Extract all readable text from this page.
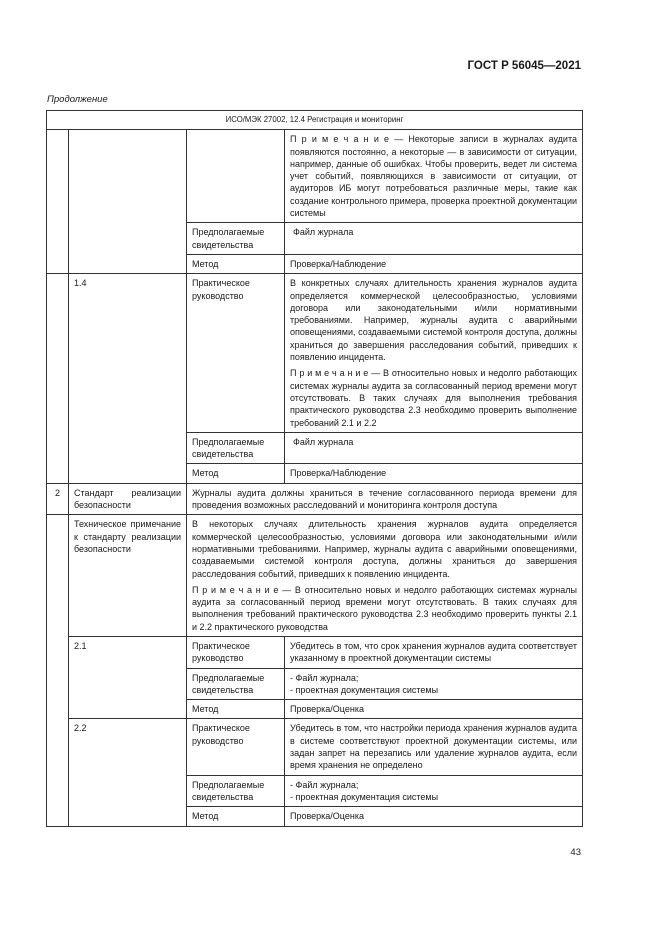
ГОСТ Р 56045—2021
Продолжение
ИСО/МЭК 27002, 12.4 Регистрация и мониторинг			
			П р и м е ч а н и е — Некоторые записи в журналах аудита появляются постоянно, а некоторые — в зависимости от ситуации, например, данные об ошибках. Чтобы проверить, ведет ли система учет событий, появляющихся в зависимости от ситуации, от аудиторов ИБ могут потребоваться различные меры, такие как создание контрольного примера, проверка проектной документации системы
		Предполагаемые свидетельства	Файл журнала
		Метод	Проверка/Наблюдение
	1.4	Практическое руководство	В конкретных случаях длительность хранения журналов аудита определяется коммерческой целесообразностью, условиями договора или законодательными и/или нормативными требованиями. Например, журналы аудита с аварийными оповещениями, создаваемыми системой контроля доступа, должны храниться до завершения расследования событий, приведших к появлению инцидента.

П р и м е ч а н и е — В относительно новых и недолго работающих системах журналы аудита за согласованный период времени могут отсутствовать. В таких случаях для выполнения требования практического руководства 2.3 необходимо проверить выполнение требований 2.1 и 2.2

		Предполагаемые свидетельства	Файл журнала
		Метод	Проверка/Наблюдение
2	Стандарт реализации безопасности	Журналы аудита должны храниться в течение согласованного периода времени для проведения возможных расследований и мониторинга контроля доступа	
	Техническое примечание к стандарту реализации безопасности	В некоторых случаях длительность хранения журналов аудита определяется коммерческой целесообразностью, условиями договора или законодательными и/или нормативными требованиями. Например, журналы аудита с аварийными оповещениями, создаваемыми системой контроля доступа, должны храниться до завершения расследования событий, приведших к появлению инцидента.

П р и м е ч а н и е — В относительно новых и недолго работающих системах журналы аудита за согласованный период времени могут отсутствовать. В таких случаях для выполнения требований практического руководства 2.3 необходимо проверить пункты 2.1 и 2.2 практического руководства	

	2.1	Практическое руководство	Убедитесь в том, что срок хранения журналов аудита соответствует указанному в проектной документации системы
		Предполагаемые свидетельства	- Файл журнала;

- проектная документация системы

		Метод	Проверка/Оценка
	2.2	Практическое руководство	Убедитесь в том, что настройки периода хранения журналов аудита в системе соответствуют проектной документации системы, или задан запрет на перезапись или удаление журналов аудита, если время хранения не определено
		Предполагаемые свидетельства	- Файл журнала;

- проектная документация системы

		Метод	Проверка/Оценка
43
